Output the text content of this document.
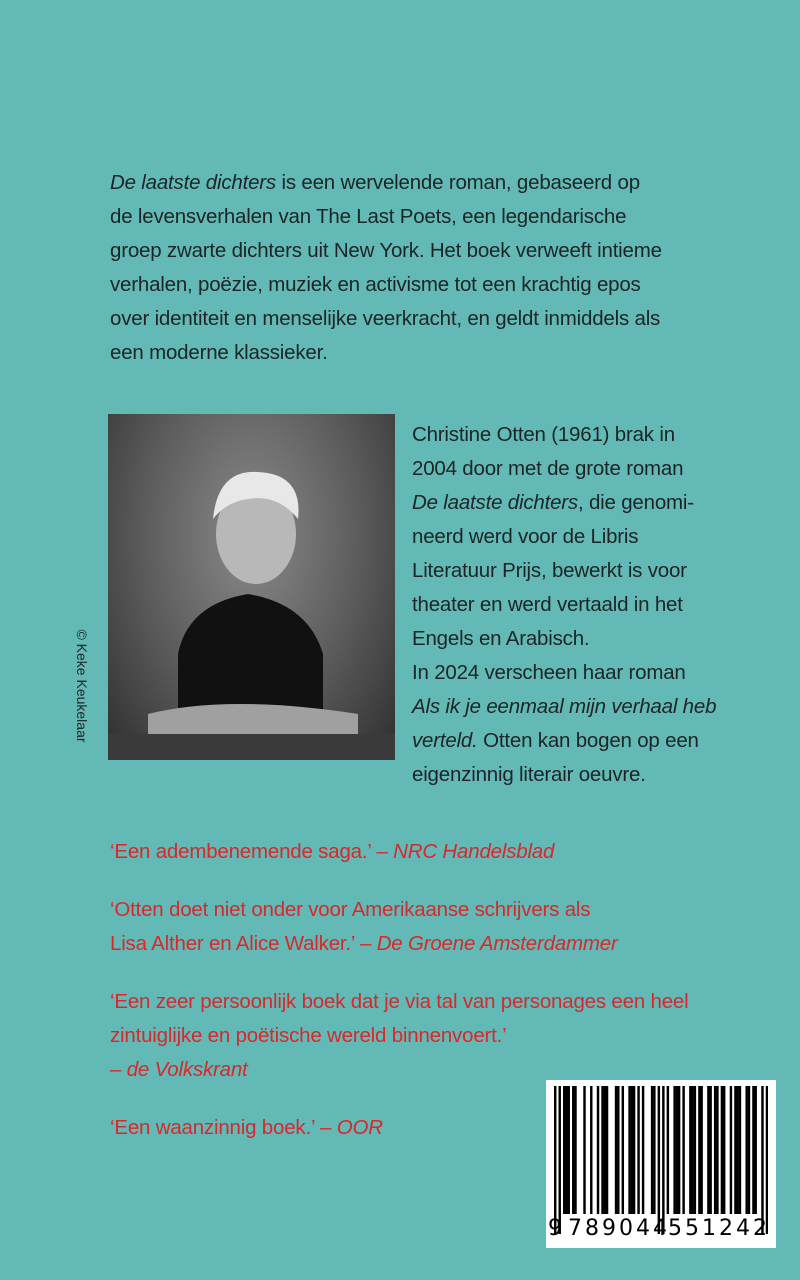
De laatste dichters is een wervelende roman, gebaseerd op
de levensverhalen van The Last Poets, een legendarische
groep zwarte dichters uit New York. Het boek verweeft intieme
verhalen, poëzie, muziek en activisme tot een krachtig epos
over identiteit en menselijke veerkracht, en geldt inmiddels als
een moderne klassieker.
© Keke Keukelaar
Christine Otten (1961) brak in
2004 door met de grote roman
De laatste dichters, die genomi-
neerd werd voor de Libris
Literatuur Prijs, bewerkt is voor
theater en werd vertaald in het
Engels en Arabisch.
In 2024 verscheen haar roman
Als ik je eenmaal mijn verhaal heb
verteld. Otten kan bogen op een
eigenzinnig literair oeuvre.
‘Een adembenemende saga.’ – NRC Handelsblad
‘Otten doet niet onder voor Amerikaanse schrijvers als
Lisa Alther en Alice Walker.’ – De Groene Amsterdammer
‘Een zeer persoonlijk boek dat je via tal van personages een heel
zintuiglijke en poëtische wereld binnenvoert.’
– de Volkskrant
‘Een waanzinnig boek.’ – OOR
9 789044
551242
